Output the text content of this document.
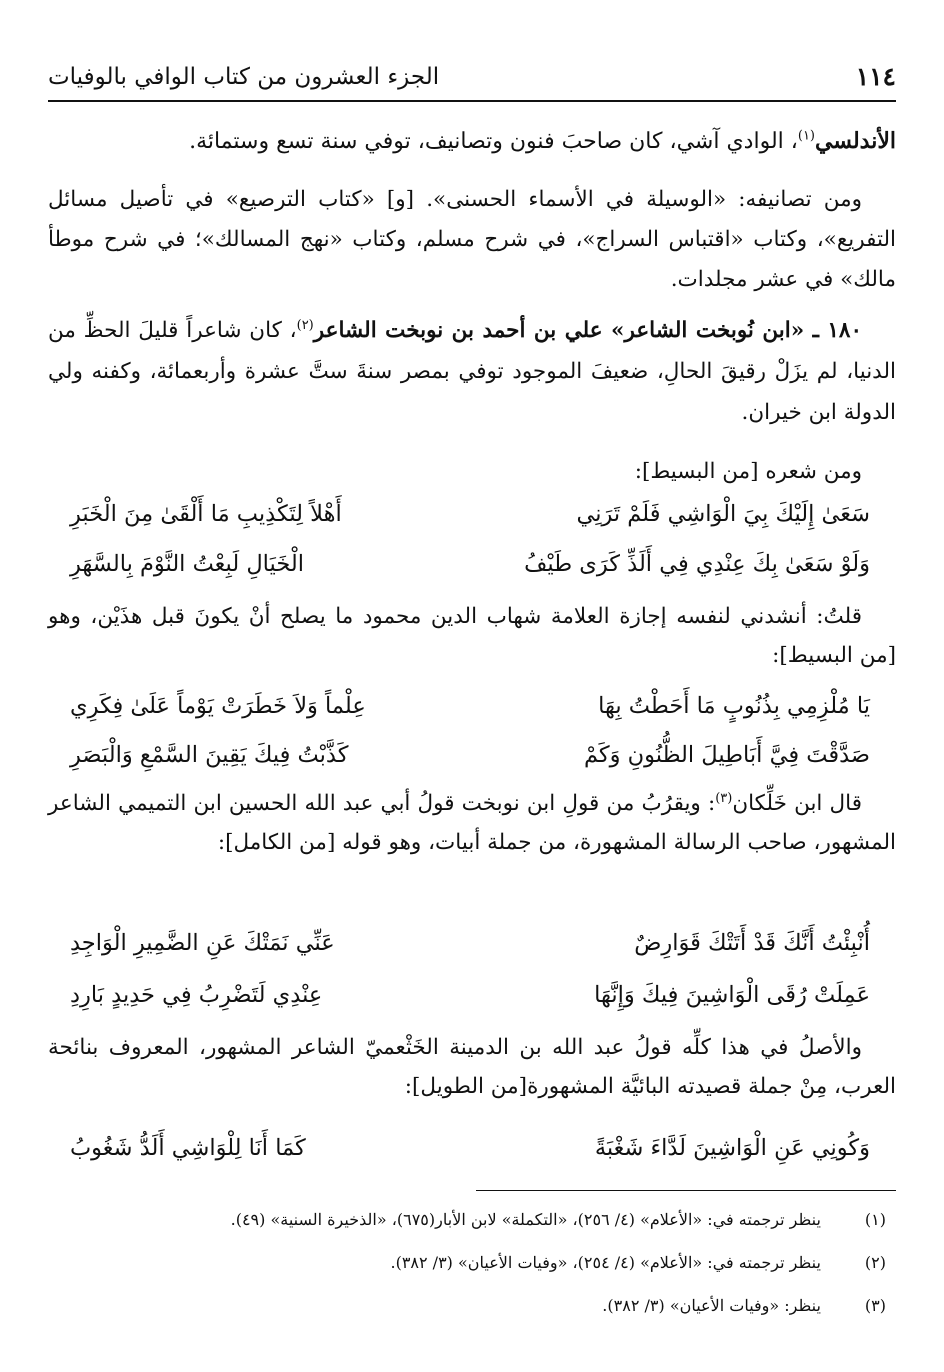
١١٤
الجزء العشرون من كتاب الوافي بالوفيات

الأندلسي$^{(١)}$، الوادي آشي، كان صاحبَ فنون وتصانيف، توفي سنة تسع وستمائة.

ومن تصانيفه: «الوسيلة في الأسماء الحسنى». [و] «كتاب الترصيع» في تأصيل مسائل التفريع»، وكتاب «اقتباس السراج»، في شرح مسلم، وكتاب «نهج المسالك»؛ في شرح موطأ مالك» في عشر مجلدات.

١٨٠ ـ «ابن نُوبخت الشاعر» علي بن أحمد بن نوبخت الشاعر$^{(٢)}$، كان شاعراً قليلَ الحظِّ من الدنيا، لم يزَلْ رقيقَ الحالِ، ضعيفَ الموجود توفي بمصر سنةَ ستَّ عشرة وأربعمائة، وكفنه ولي الدولة ابن خيران.

ومن شعره [من البسيط]:

سَعَىٰ إِلَيْكَ بِيَ الْوَاشِي فَلَمْ تَرَنِي
أَهْلاً لِتَكْذِيبِ مَا أَلْقَىٰ مِنَ الْخَبَرِ
وَلَوْ سَعَىٰ بِكَ عِنْدِي فِي أَلَذِّ كَرَى طَيْفُ
الْخَيَالِ لَبِعْتُ النَّوْمَ بِالسَّهَرِ

قلتُ: أنشدني لنفسه إجازة العلامة شهاب الدين محمود ما يصلح أنْ يكونَ قبل هذَيْن، وهو [من البسيط]:

يَا مُلْزِمِي بِذُنُوبٍ مَا أَحَطْتُ بِهَا
عِلْماً وَلاَ خَطَرَتْ يَوْماً عَلَىٰ فِكَرِي
صَدَّقْتَ فِيَّ أَبَاطِيلَ الظُّنُونِ وَكَمْ
كَذَّبْتُ فِيكَ يَقِينَ السَّمْعِ وَالْبَصَرِ

قال ابن خَلِّكان$^{(٣)}$: ويقرُبُ من قولِ ابن نوبخت قولُ أبي عبد الله الحسين ابن التميمي الشاعر المشهور، صاحب الرسالة المشهورة، من جملة أبيات، وهو قوله [من الكامل]:

أُنْبِئْتُ أَنَّكَ قَدْ أَتَتْكَ قَوَارِضٌ
عَنِّي نَمَتْكَ عَنِ الضَّمِيرِ الْوَاجِدِ
عَمِلَتْ رُقَى الْوَاشِينَ فِيكَ وَإِنَّهَا
عِنْدِي لَتَضْرِبُ فِي حَدِيدٍ بَارِدِ

والأصلُ في هذا كلِّه قولُ عبد الله بن الدمينة الخَثْعميّ الشاعر المشهور، المعروف بنائحة العرب، مِنْ جملة قصيدته البائيَّة المشهورة[من الطويل]:

وَكُونِي عَنِ الْوَاشِينَ لَدَّاءَ شَغْبَةً
كَمَا أَنَا لِلْوَاشِي أَلَدُّ شَغُوبُ
(١) ينظر ترجمته في: «الأعلام» (٤/ ٢٥٦)، «التكملة» لابن الأبار(٦٧٥)، «الذخيرة السنية» (٤٩).
(٢) ينظر ترجمته في: «الأعلام» (٤/ ٢٥٤)، «وفيات الأعيان» (٣/ ٣٨٢).
(٣) ينظر: «وفيات الأعيان» (٣/ ٣٨٢).
